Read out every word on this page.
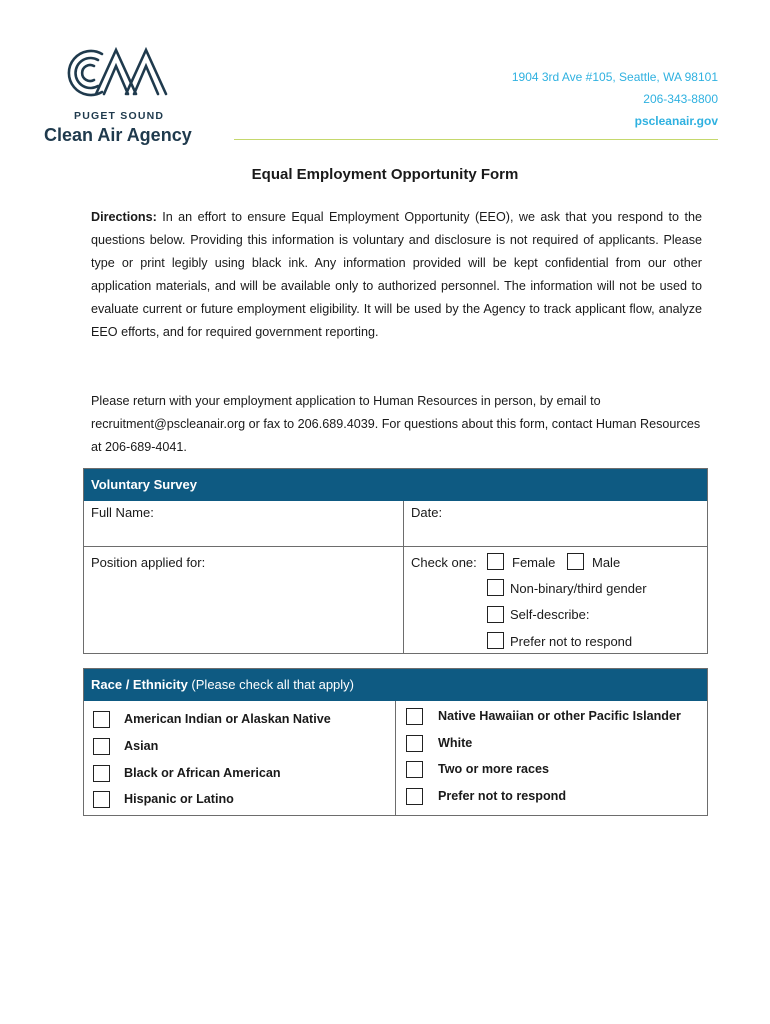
PUGET SOUND
Clean Air Agency
1904 3rd Ave #105, Seattle, WA 98101
206-343-8800
pscleanair.gov
Equal Employment Opportunity Form
Directions: In an effort to ensure Equal Employment Opportunity (EEO), we ask that you respond to the questions below. Providing this information is voluntary and disclosure is not required of applicants. Please type or print legibly using black ink. Any information provided will be kept confidential from our other application materials, and will be available only to authorized personnel. The information will not be used to evaluate current or future employment eligibility. It will be used by the Agency to track applicant flow, analyze EEO efforts, and for required government reporting.
Please return with your employment application to Human Resources in person, by email to recruitment@pscleanair.org or fax to 206.689.4039. For questions about this form, contact Human Resources at 206-689-4041.
Voluntary Survey
Full Name:	Date:
Position applied for:	Check one:	Female	Male
Non-binary/third gender
Self-describe:
Prefer not to respond
Race / Ethnicity (Please check all that apply)
American Indian or Alaskan Native
Asian
Black or African American
Hispanic or Latino
Native Hawaiian or other Pacific Islander
White
Two or more races
Prefer not to respond
